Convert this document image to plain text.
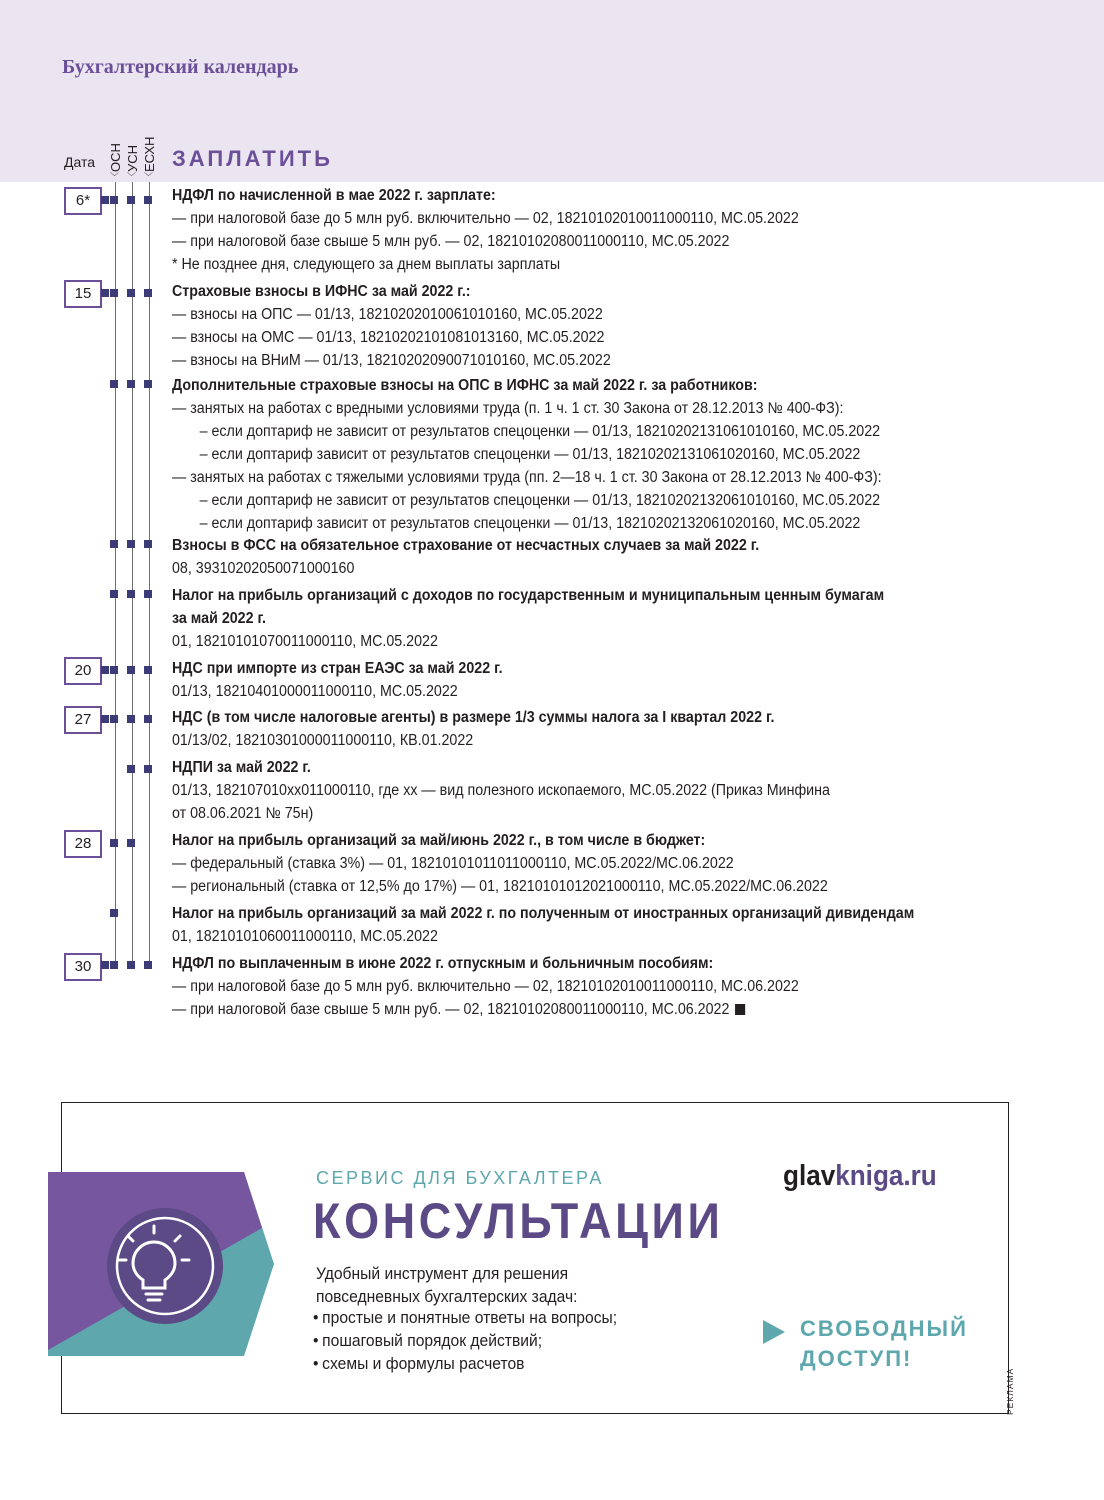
Бухгалтерский календарь
Дата ОСН УСН ЕСХН
﹀ ﹀ ﹀
ЗАПЛАТИТЬ
6*
15
20
27
28
30
НДФЛ по начисленной в мае 2022 г. зарплате:
— при налоговой базе до 5 млн руб. включительно — 02, 18210102010011000110, МС.05.2022
— при налоговой базе свыше 5 млн руб. — 02, 18210102080011000110, МС.05.2022
* Не позднее дня, следующего за днем выплаты зарплаты
Страховые взносы в ИФНС за май 2022 г.:
— взносы на ОПС — 01/13, 18210202010061010160, МС.05.2022
— взносы на ОМС — 01/13, 18210202101081013160, МС.05.2022
— взносы на ВНиМ — 01/13, 18210202090071010160, МС.05.2022
Дополнительные страховые взносы на ОПС в ИФНС за май 2022 г. за работников:
— занятых на работах с вредными условиями труда (п. 1 ч. 1 ст. 30 Закона от 28.12.2013 № 400-ФЗ):
– если доптариф не зависит от результатов спецоценки — 01/13, 18210202131061010160, МС.05.2022
– если доптариф зависит от результатов спецоценки — 01/13, 18210202131061020160, МС.05.2022
— занятых на работах с тяжелыми условиями труда (пп. 2—18 ч. 1 ст. 30 Закона от 28.12.2013 № 400-ФЗ):
– если доптариф не зависит от результатов спецоценки — 01/13, 18210202132061010160, МС.05.2022
– если доптариф зависит от результатов спецоценки — 01/13, 18210202132061020160, МС.05.2022
Взносы в ФСС на обязательное страхование от несчастных случаев за май 2022 г.
08, 39310202050071000160
Налог на прибыль организаций с доходов по государственным и муниципальным ценным бумагам
за май 2022 г.
01, 18210101070011000110, МС.05.2022
НДС при импорте из стран ЕАЭС за май 2022 г.
01/13, 18210401000011000110, МС.05.2022
НДС (в том числе налоговые агенты) в размере 1/3 суммы налога за I квартал 2022 г.
01/13/02, 18210301000011000110, КВ.01.2022
НДПИ за май 2022 г.
01/13, 182107010хх011000110, где хх — вид полезного ископаемого, МС.05.2022 (Приказ Минфина
от 08.06.2021 № 75н)
Налог на прибыль организаций за май/июнь 2022 г., в том числе в бюджет:
— федеральный (ставка 3%) — 01, 18210101011011000110, МС.05.2022/МС.06.2022
— региональный (ставка от 12,5% до 17%) — 01, 18210101012021000110, МС.05.2022/МС.06.2022
Налог на прибыль организаций за май 2022 г. по полученным от иностранных организаций дивидендам
01, 18210101060011000110, МС.05.2022
НДФЛ по выплаченным в июне 2022 г. отпускным и больничным пособиям:
— при налоговой базе до 5 млн руб. включительно — 02, 18210102010011000110, МС.06.2022
— при налоговой базе свыше 5 млн руб. — 02, 18210102080011000110, МС.06.2022
СЕРВИС ДЛЯ БУХГАЛТЕРА
КОНСУЛЬТАЦИИ
Удобный инструмент для решения
повседневных бухгалтерских задач:
• простые и понятные ответы на вопросы;
• пошаговый порядок действий;
• схемы и формулы расчетов
glavkniga.ru
СВОБОДНЫЙ
ДОСТУП!
РЕКЛАМА
